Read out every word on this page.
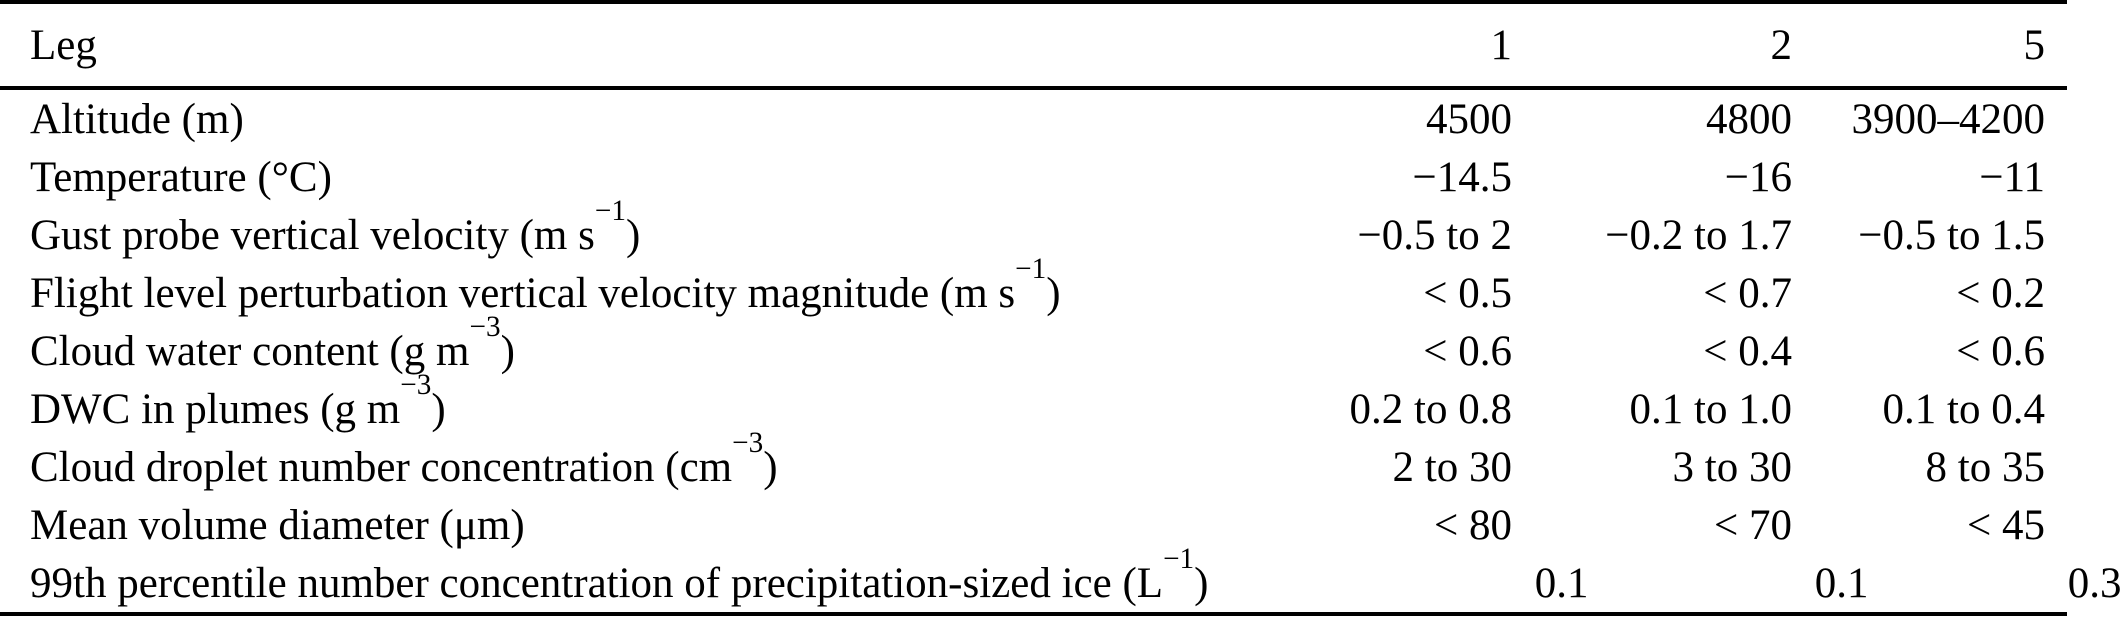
Leg	1	2	5
Altitude (m)	4500	4800	3900–4200
Temperature (°C)	−14.5	−16	−11
Gust probe vertical velocity (m $s^{-1}$)	−0.5 to 2	−0.2 to 1.7	−0.5 to 1.5
Flight level perturbation vertical velocity magnitude (m $s^{-1}$)	< 0.5	< 0.7	< 0.2
Cloud water content (g $m^{-3}$)	< 0.6	< 0.4	< 0.6
DWC in plumes (g $m^{-3}$)	0.2 to 0.8	0.1 to 1.0	0.1 to 0.4
Cloud droplet number concentration $(cm^{-3})$	2 to 30	3 to 30	8 to 35
Mean volume diameter (μm)	< 80	< 70	< 45
99th percentile number concentration of precipitation-sized ice $(L^{-1})$	0.1	0.1	0.3
